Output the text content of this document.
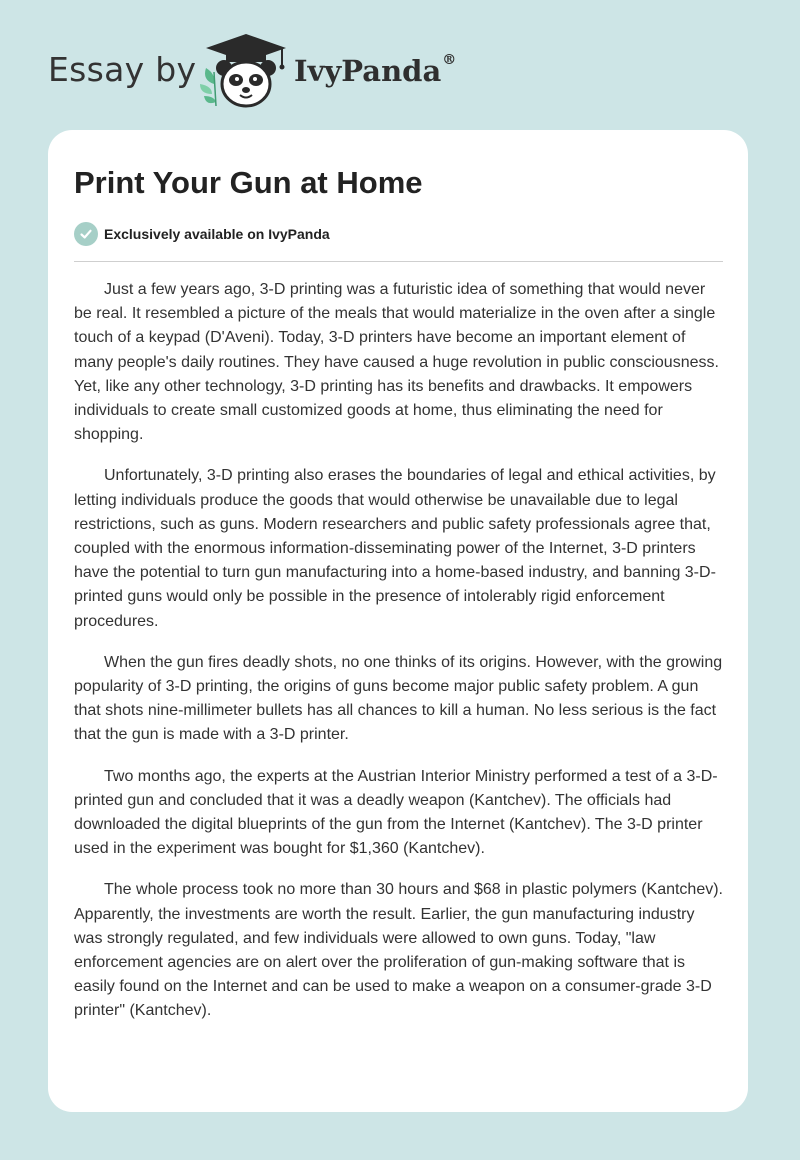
Essay by	IvyPanda®
Print Your Gun at Home
Exclusively available on IvyPanda

Just a few years ago, 3-D printing was a futuristic idea of something that would never be real. It resembled a picture of the meals that would materialize in the oven after a single touch of a keypad (D'Aveni). Today, 3-D printers have become an important element of many people's daily routines. They have caused a huge revolution in public consciousness. Yet, like any other technology, 3-D printing has its benefits and drawbacks. It empowers individuals to create small customized goods at home, thus eliminating the need for shopping.

Unfortunately, 3-D printing also erases the boundaries of legal and ethical activities, by letting individuals produce the goods that would otherwise be unavailable due to legal restrictions, such as guns. Modern researchers and public safety professionals agree that, coupled with the enormous information-disseminating power of the Internet, 3-D printers have the potential to turn gun manufacturing into a home-based industry, and banning 3-D-printed guns would only be possible in the presence of intolerably rigid enforcement procedures.

When the gun fires deadly shots, no one thinks of its origins. However, with the growing popularity of 3-D printing, the origins of guns become major public safety problem. A gun that shots nine-millimeter bullets has all chances to kill a human. No less serious is the fact that the gun is made with a 3-D printer.

Two months ago, the experts at the Austrian Interior Ministry performed a test of a 3-D-printed gun and concluded that it was a deadly weapon (Kantchev). The officials had downloaded the digital blueprints of the gun from the Internet (Kantchev). The 3-D printer used in the experiment was bought for $1,360 (Kantchev).

The whole process took no more than 30 hours and $68 in plastic polymers (Kantchev). Apparently, the investments are worth the result. Earlier, the gun manufacturing industry was strongly regulated, and few individuals were allowed to own guns. Today, "law enforcement agencies are on alert over the proliferation of gun-making software that is easily found on the Internet and can be used to make a weapon on a consumer-grade 3-D printer" (Kantchev).
